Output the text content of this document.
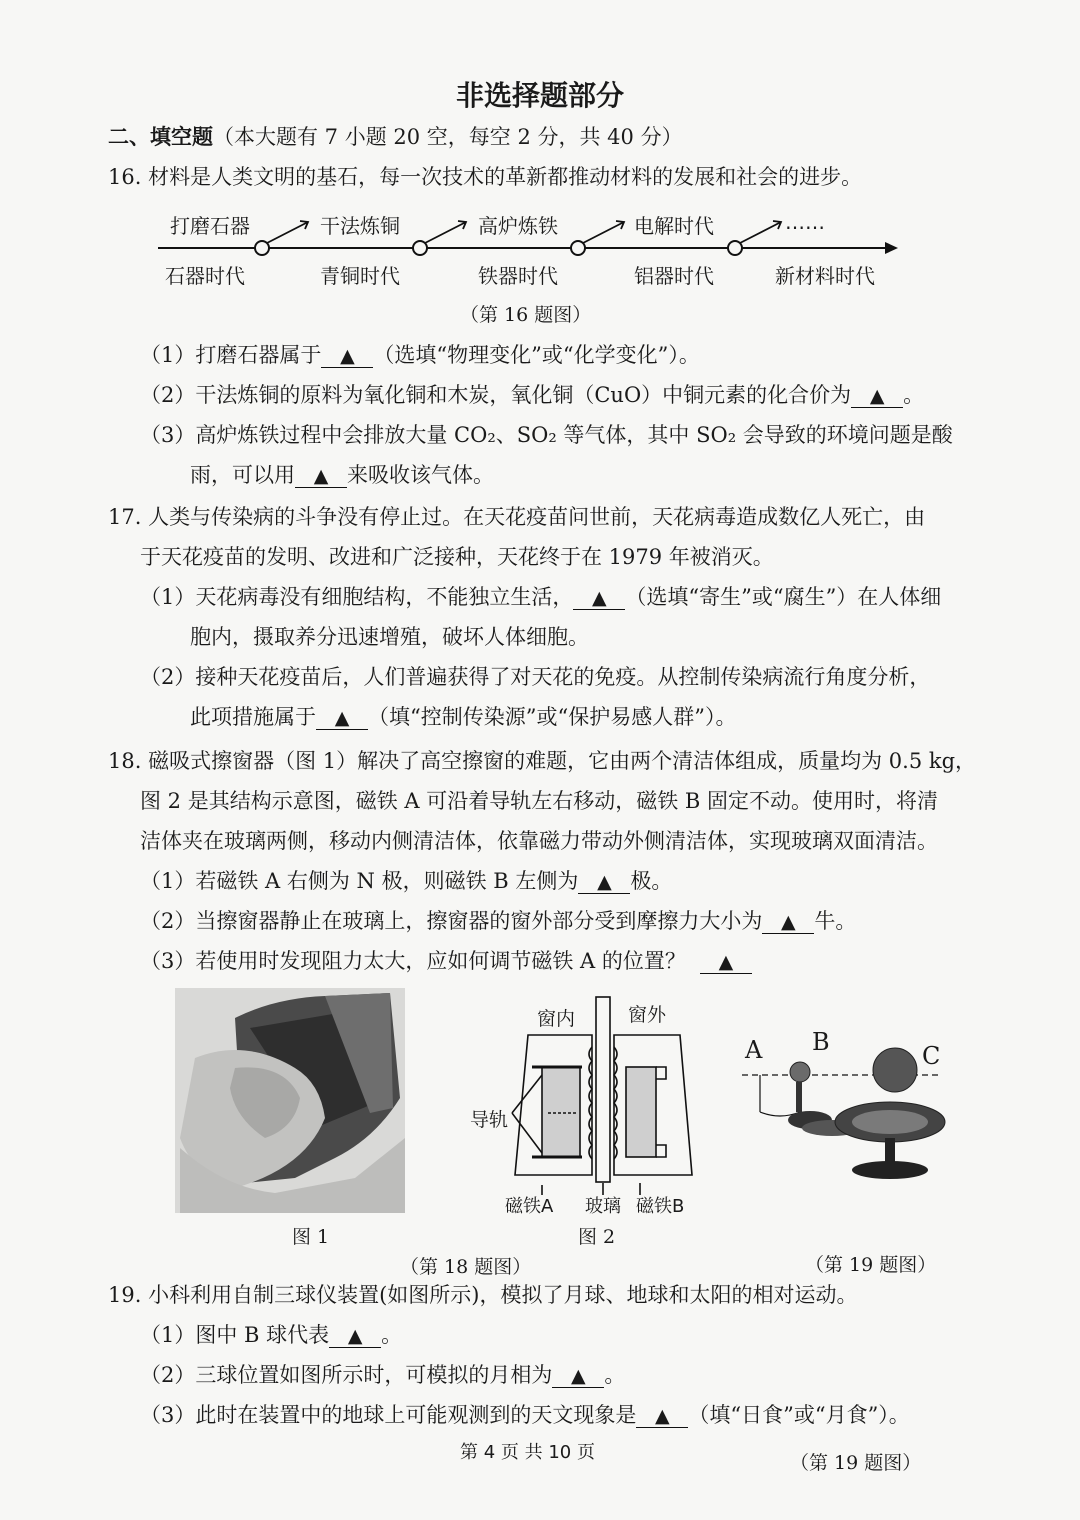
非选择题部分
二、填空题（本大题有 7 小题 20 空，每空 2 分，共 40 分）
16. 材料是人类文明的基石，每一次技术的革新都推动材料的发展和社会的进步。
打磨石器	干法炼铜	高炉炼铁	电解时代	……
石器时代	青铜时代	铁器时代	铝器时代	新材料时代
（第 16 题图）
（1）打磨石器属于 ▲ （选填“物理变化”或“化学变化”）。
（2）干法炼铜的原料为氧化铜和木炭，氧化铜（CuO）中铜元素的化合价为 ▲ 。
（3）高炉炼铁过程中会排放大量 CO₂、SO₂ 等气体，其中 SO₂ 会导致的环境问题是酸
雨，可以用 ▲ 来吸收该气体。
17. 人类与传染病的斗争没有停止过。在天花疫苗问世前，天花病毒造成数亿人死亡，由
于天花疫苗的发明、改进和广泛接种，天花终于在 1979 年被消灭。
（1）天花病毒没有细胞结构，不能独立生活， ▲ （选填“寄生”或“腐生”）在人体细
胞内，摄取养分迅速增殖，破坏人体细胞。
（2）接种天花疫苗后，人们普遍获得了对天花的免疫。从控制传染病流行角度分析，
此项措施属于 ▲ （填“控制传染源”或“保护易感人群”）。
18. 磁吸式擦窗器（图 1）解决了高空擦窗的难题，它由两个清洁体组成，质量均为 0.5 kg，
图 2 是其结构示意图，磁铁 A 可沿着导轨左右移动，磁铁 B 固定不动。使用时，将清
洁体夹在玻璃两侧，移动内侧清洁体，依靠磁力带动外侧清洁体，实现玻璃双面清洁。
（1）若磁铁 A 右侧为 N 极，则磁铁 B 左侧为 ▲ 极。
（2）当擦窗器静止在玻璃上，擦窗器的窗外部分受到摩擦力大小为 ▲ 牛。
（3）若使用时发现阻力太大，应如何调节磁铁 A 的位置？ ▲
图 1
窗内	窗外
导轨
磁铁A 玻璃 磁铁B
图 2
（第 18 题图）
A B	C
（第 19 题图）
19. 小科利用自制三球仪装置(如图所示)，模拟了月球、地球和太阳的相对运动。
（1）图中 B 球代表 ▲ 。
（2）三球位置如图所示时，可模拟的月相为 ▲ 。
（3）此时在装置中的地球上可能观测到的天文现象是 ▲ （填“日食”或“月食”）。
第 4 页 共 10 页	（第 19 题图）
